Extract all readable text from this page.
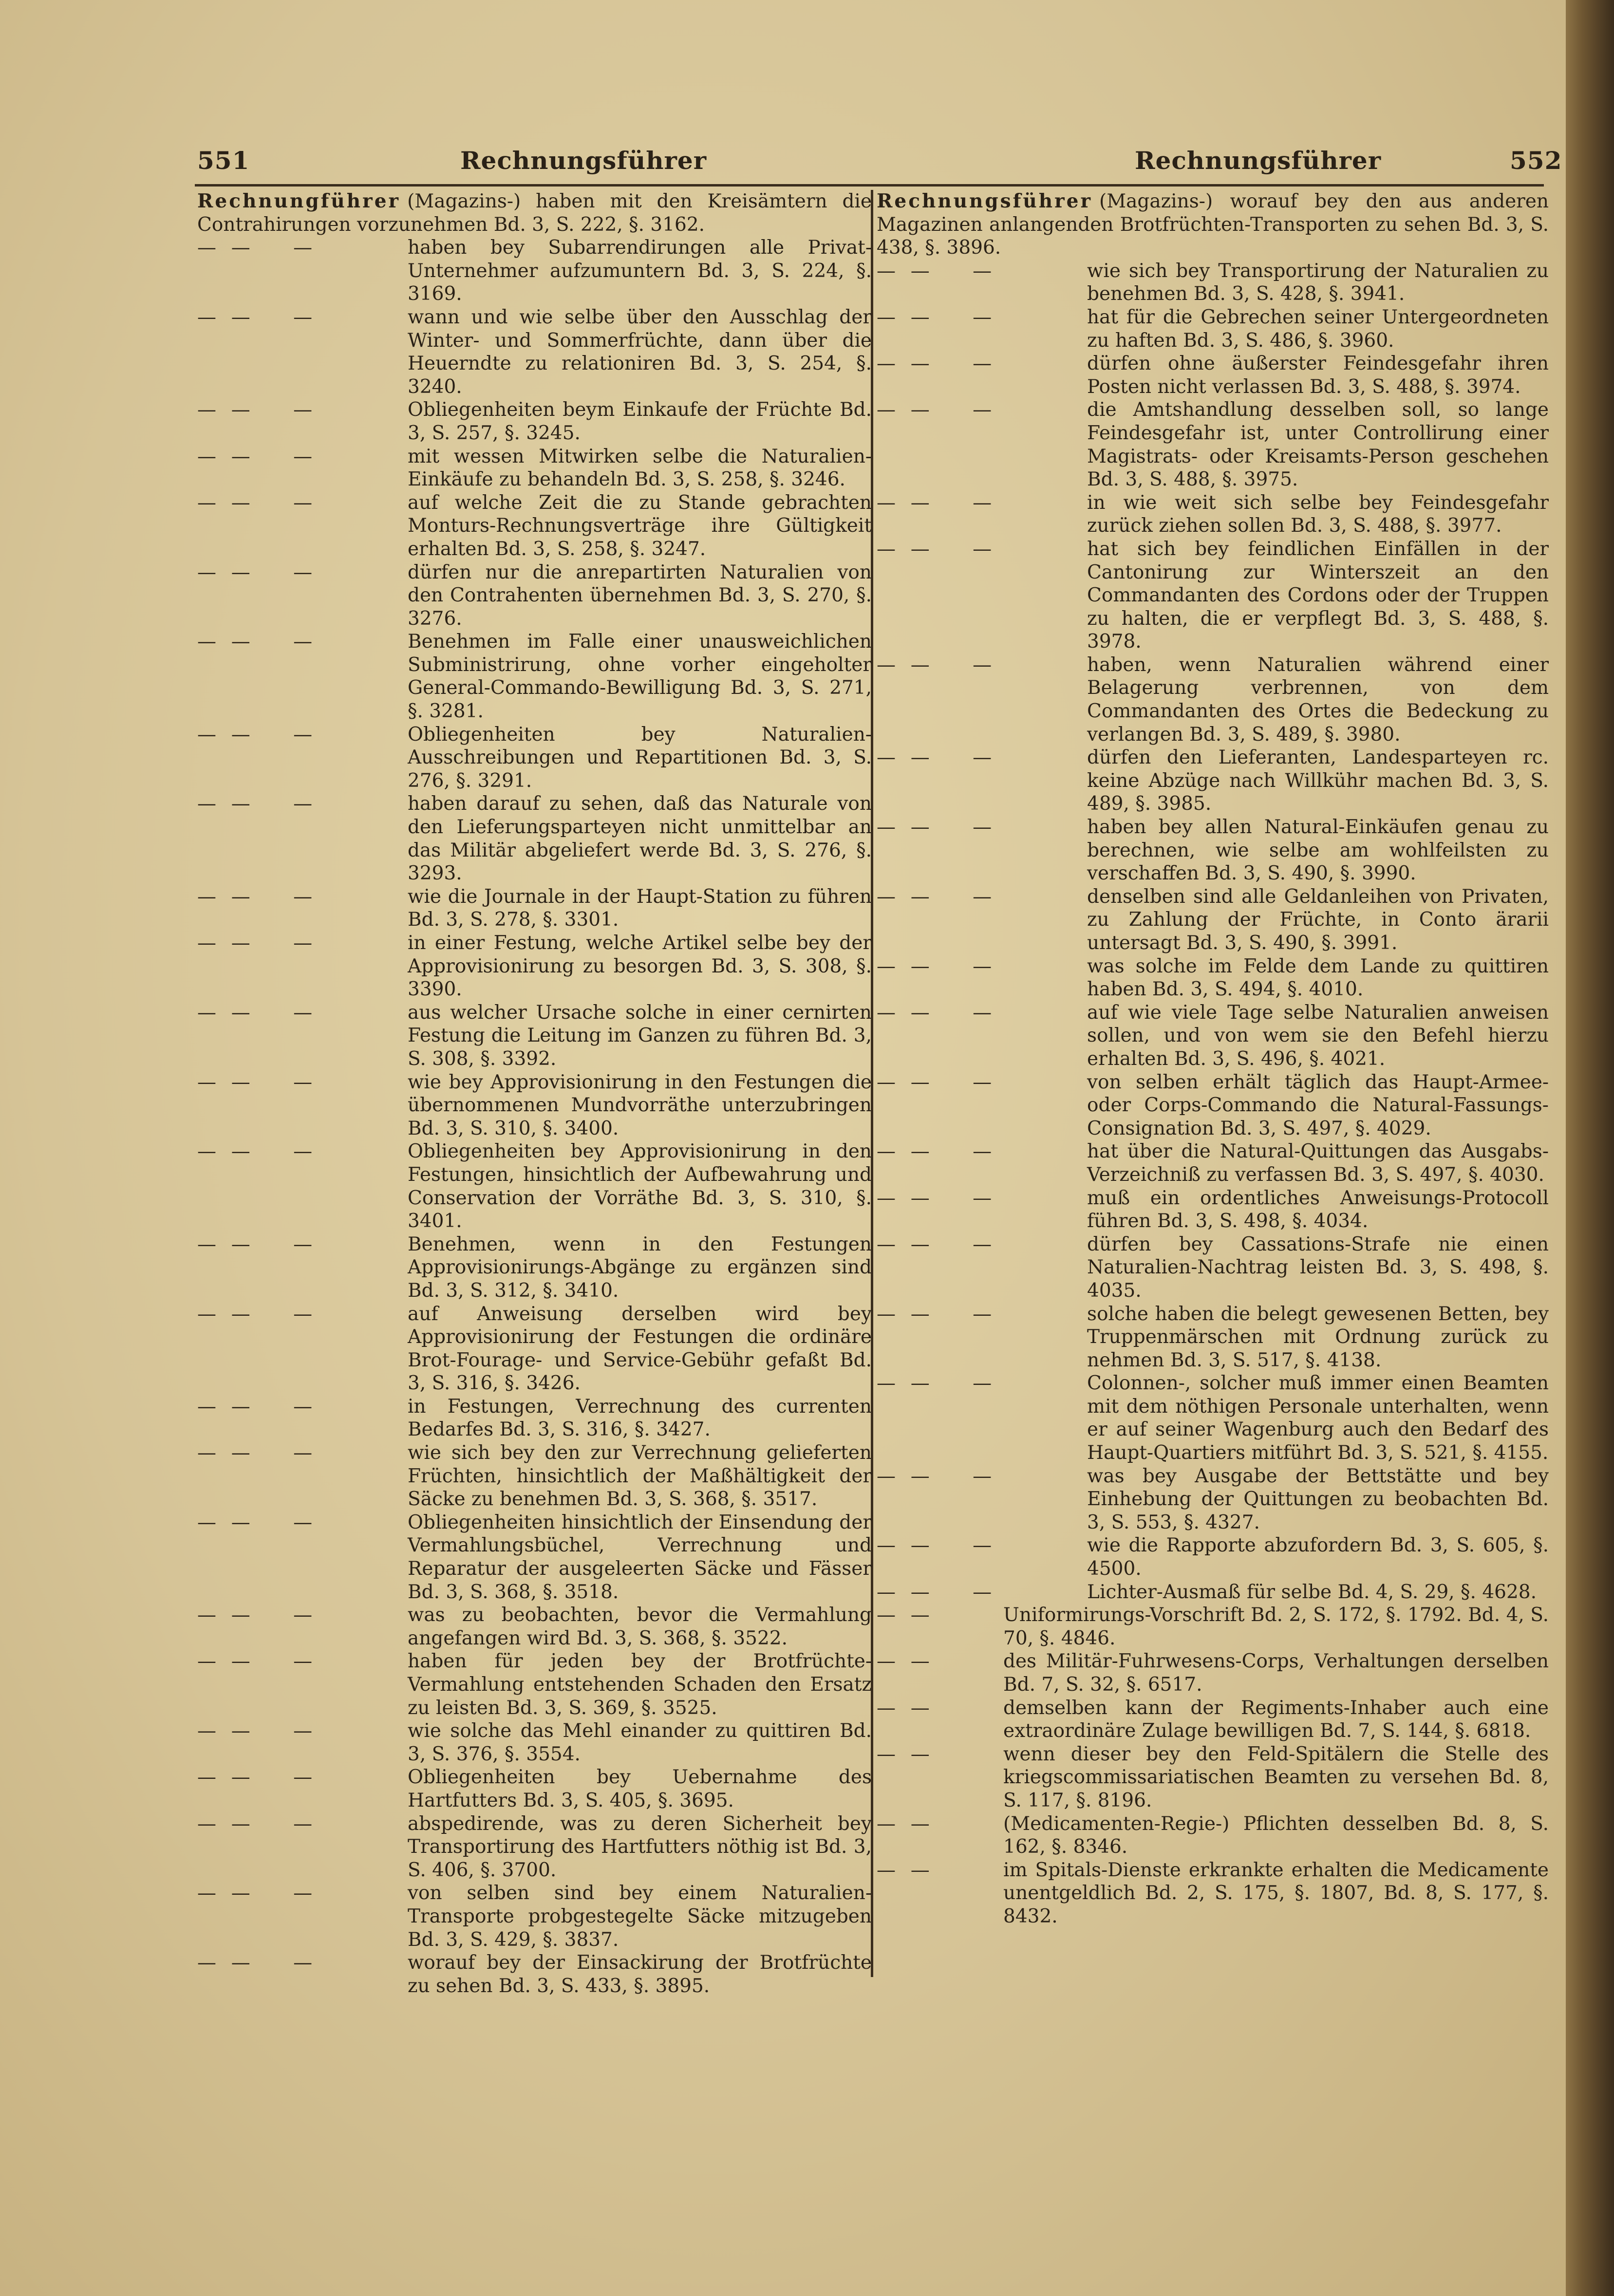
551	Rechnungsführer	Rechnungsführer	552
Rechnungführer (Magazins-) haben mit den Kreisämtern die Contrahirungen vorzunehmen Bd. 3, S. 222, §. 3162.
—  —      —	haben bey Subarrendirungen alle Privat-Unternehmer aufzumuntern Bd. 3, S. 224, §. 3169.
—  —      —	wann und wie selbe über den Ausschlag der Winter- und Sommerfrüchte, dann über die Heuerndte zu relationiren Bd. 3, S. 254, §. 3240.
—  —      —	Obliegenheiten beym Einkaufe der Früchte Bd. 3, S. 257, §. 3245.
—  —      —	mit wessen Mitwirken selbe die Naturalien-Einkäufe zu behandeln Bd. 3, S. 258, §. 3246.
—  —      —	auf welche Zeit die zu Stande gebrachten Monturs-Rechnungsverträge ihre Gültigkeit erhalten Bd. 3, S. 258, §. 3247.
—  —      —	dürfen nur die anrepartirten Naturalien von den Contrahenten übernehmen Bd. 3, S. 270, §. 3276.
—  —      —	Benehmen im Falle einer unausweichlichen Subministrirung, ohne vorher eingeholter General-Commando-Bewilligung Bd. 3, S. 271, §. 3281.
—  —      —	Obliegenheiten bey Naturalien-Ausschreibungen und Repartitionen Bd. 3, S. 276, §. 3291.
—  —      —	haben darauf zu sehen, daß das Naturale von den Lieferungsparteyen nicht unmittelbar an das Militär abgeliefert werde Bd. 3, S. 276, §. 3293.
—  —      —	wie die Journale in der Haupt-Station zu führen Bd. 3, S. 278, §. 3301.
—  —      —	in einer Festung, welche Artikel selbe bey der Approvisionirung zu besorgen Bd. 3, S. 308, §. 3390.
—  —      —	aus welcher Ursache solche in einer cernirten Festung die Leitung im Ganzen zu führen Bd. 3, S. 308, §. 3392.
—  —      —	wie bey Approvisionirung in den Festungen die übernommenen Mundvorräthe unterzubringen Bd. 3, S. 310, §. 3400.
—  —      —	Obliegenheiten bey Approvisionirung in den Festungen, hinsichtlich der Aufbewahrung und Conservation der Vorräthe Bd. 3, S. 310, §. 3401.
—  —      —	Benehmen, wenn in den Festungen Approvisionirungs-Abgänge zu ergänzen sind Bd. 3, S. 312, §. 3410.
—  —      —	auf Anweisung derselben wird bey Approvisionirung der Festungen die ordinäre Brot-Fourage- und Service-Gebühr gefaßt Bd. 3, S. 316, §. 3426.
—  —      —	in Festungen, Verrechnung des currenten Bedarfes Bd. 3, S. 316, §. 3427.
—  —      —	wie sich bey den zur Verrechnung gelieferten Früchten, hinsichtlich der Maßhältigkeit der Säcke zu benehmen Bd. 3, S. 368, §. 3517.
—  —      —	Obliegenheiten hinsichtlich der Einsendung der Vermahlungsbüchel, Verrechnung und Reparatur der ausgeleerten Säcke und Fässer Bd. 3, S. 368, §. 3518.
—  —      —	was zu beobachten, bevor die Vermahlung angefangen wird Bd. 3, S. 368, §. 3522.
—  —      —	haben für jeden bey der Brotfrüchte-Vermahlung entstehenden Schaden den Ersatz zu leisten Bd. 3, S. 369, §. 3525.
—  —      —	wie solche das Mehl einander zu quittiren Bd. 3, S. 376, §. 3554.
—  —      —	Obliegenheiten bey Uebernahme des Hartfutters Bd. 3, S. 405, §. 3695.
—  —      —	abspedirende, was zu deren Sicherheit bey Transportirung des Hartfutters nöthig ist Bd. 3, S. 406, §. 3700.
—  —      —	von selben sind bey einem Naturalien-Transporte probgestegelte Säcke mitzugeben Bd. 3, S. 429, §. 3837.
—  —      —	worauf bey der Einsackirung der Brotfrüchte zu sehen Bd. 3, S. 433, §. 3895.
Rechnungsführer (Magazins-) worauf bey den aus anderen Magazinen anlangenden Brotfrüchten-Transporten zu sehen Bd. 3, S. 438, §. 3896.
—  —      —	wie sich bey Transportirung der Naturalien zu benehmen Bd. 3, S. 428, §. 3941.
—  —      —	hat für die Gebrechen seiner Untergeordneten zu haften Bd. 3, S. 486, §. 3960.
—  —      —	dürfen ohne äußerster Feindesgefahr ihren Posten nicht verlassen Bd. 3, S. 488, §. 3974.
—  —      —	die Amtshandlung desselben soll, so lange Feindesgefahr ist, unter Controllirung einer Magistrats- oder Kreisamts-Person geschehen Bd. 3, S. 488, §. 3975.
—  —      —	in wie weit sich selbe bey Feindesgefahr zurück ziehen sollen Bd. 3, S. 488, §. 3977.
—  —      —	hat sich bey feindlichen Einfällen in der Cantonirung zur Winterszeit an den Commandanten des Cordons oder der Truppen zu halten, die er verpflegt Bd. 3, S. 488, §. 3978.
—  —      —	haben, wenn Naturalien während einer Belagerung verbrennen, von dem Commandanten des Ortes die Bedeckung zu verlangen Bd. 3, S. 489, §. 3980.
—  —      —	dürfen den Lieferanten, Landesparteyen rc. keine Abzüge nach Willkühr machen Bd. 3, S. 489, §. 3985.
—  —      —	haben bey allen Natural-Einkäufen genau zu berechnen, wie selbe am wohlfeilsten zu verschaffen Bd. 3, S. 490, §. 3990.
—  —      —	denselben sind alle Geldanleihen von Privaten, zu Zahlung der Früchte, in Conto ärarii untersagt Bd. 3, S. 490, §. 3991.
—  —      —	was solche im Felde dem Lande zu quittiren haben Bd. 3, S. 494, §. 4010.
—  —      —	auf wie viele Tage selbe Naturalien anweisen sollen, und von wem sie den Befehl hierzu erhalten Bd. 3, S. 496, §. 4021.
—  —      —	von selben erhält täglich das Haupt-Armee- oder Corps-Commando die Natural-Fassungs-Consignation Bd. 3, S. 497, §. 4029.
—  —      —	hat über die Natural-Quittungen das Ausgabs-Verzeichniß zu verfassen Bd. 3, S. 497, §. 4030.
—  —      —	muß ein ordentliches Anweisungs-Protocoll führen Bd. 3, S. 498, §. 4034.
—  —      —	dürfen bey Cassations-Strafe nie einen Naturalien-Nachtrag leisten Bd. 3, S. 498, §. 4035.
—  —      —	solche haben die belegt gewesenen Betten, bey Truppenmärschen mit Ordnung zurück zu nehmen Bd. 3, S. 517, §. 4138.
—  —      —	Colonnen-, solcher muß immer einen Beamten mit dem nöthigen Personale unterhalten, wenn er auf seiner Wagenburg auch den Bedarf des Haupt-Quartiers mitführt Bd. 3, S. 521, §. 4155.
—  —      —	was bey Ausgabe der Bettstätte und bey Einhebung der Quittungen zu beobachten Bd. 3, S. 553, §. 4327.
—  —      —	wie die Rapporte abzufordern Bd. 3, S. 605, §. 4500.
—  —      —	Lichter-Ausmaß für selbe Bd. 4, S. 29, §. 4628.
—  —	Uniformirungs-Vorschrift Bd. 2, S. 172, §. 1792. Bd. 4, S. 70, §. 4846.
—  —	des Militär-Fuhrwesens-Corps, Verhaltungen derselben Bd. 7, S. 32, §. 6517.
—  —	demselben kann der Regiments-Inhaber auch eine extraordinäre Zulage bewilligen Bd. 7, S. 144, §. 6818.
—  —	wenn dieser bey den Feld-Spitälern die Stelle des kriegscommissariatischen Beamten zu versehen Bd. 8, S. 117, §. 8196.
—  —	(Medicamenten-Regie-) Pflichten desselben Bd. 8, S. 162, §. 8346.
—  —	im Spitals-Dienste erkrankte erhalten die Medicamente unentgeldlich Bd. 2, S. 175, §. 1807, Bd. 8, S. 177, §. 8432.
